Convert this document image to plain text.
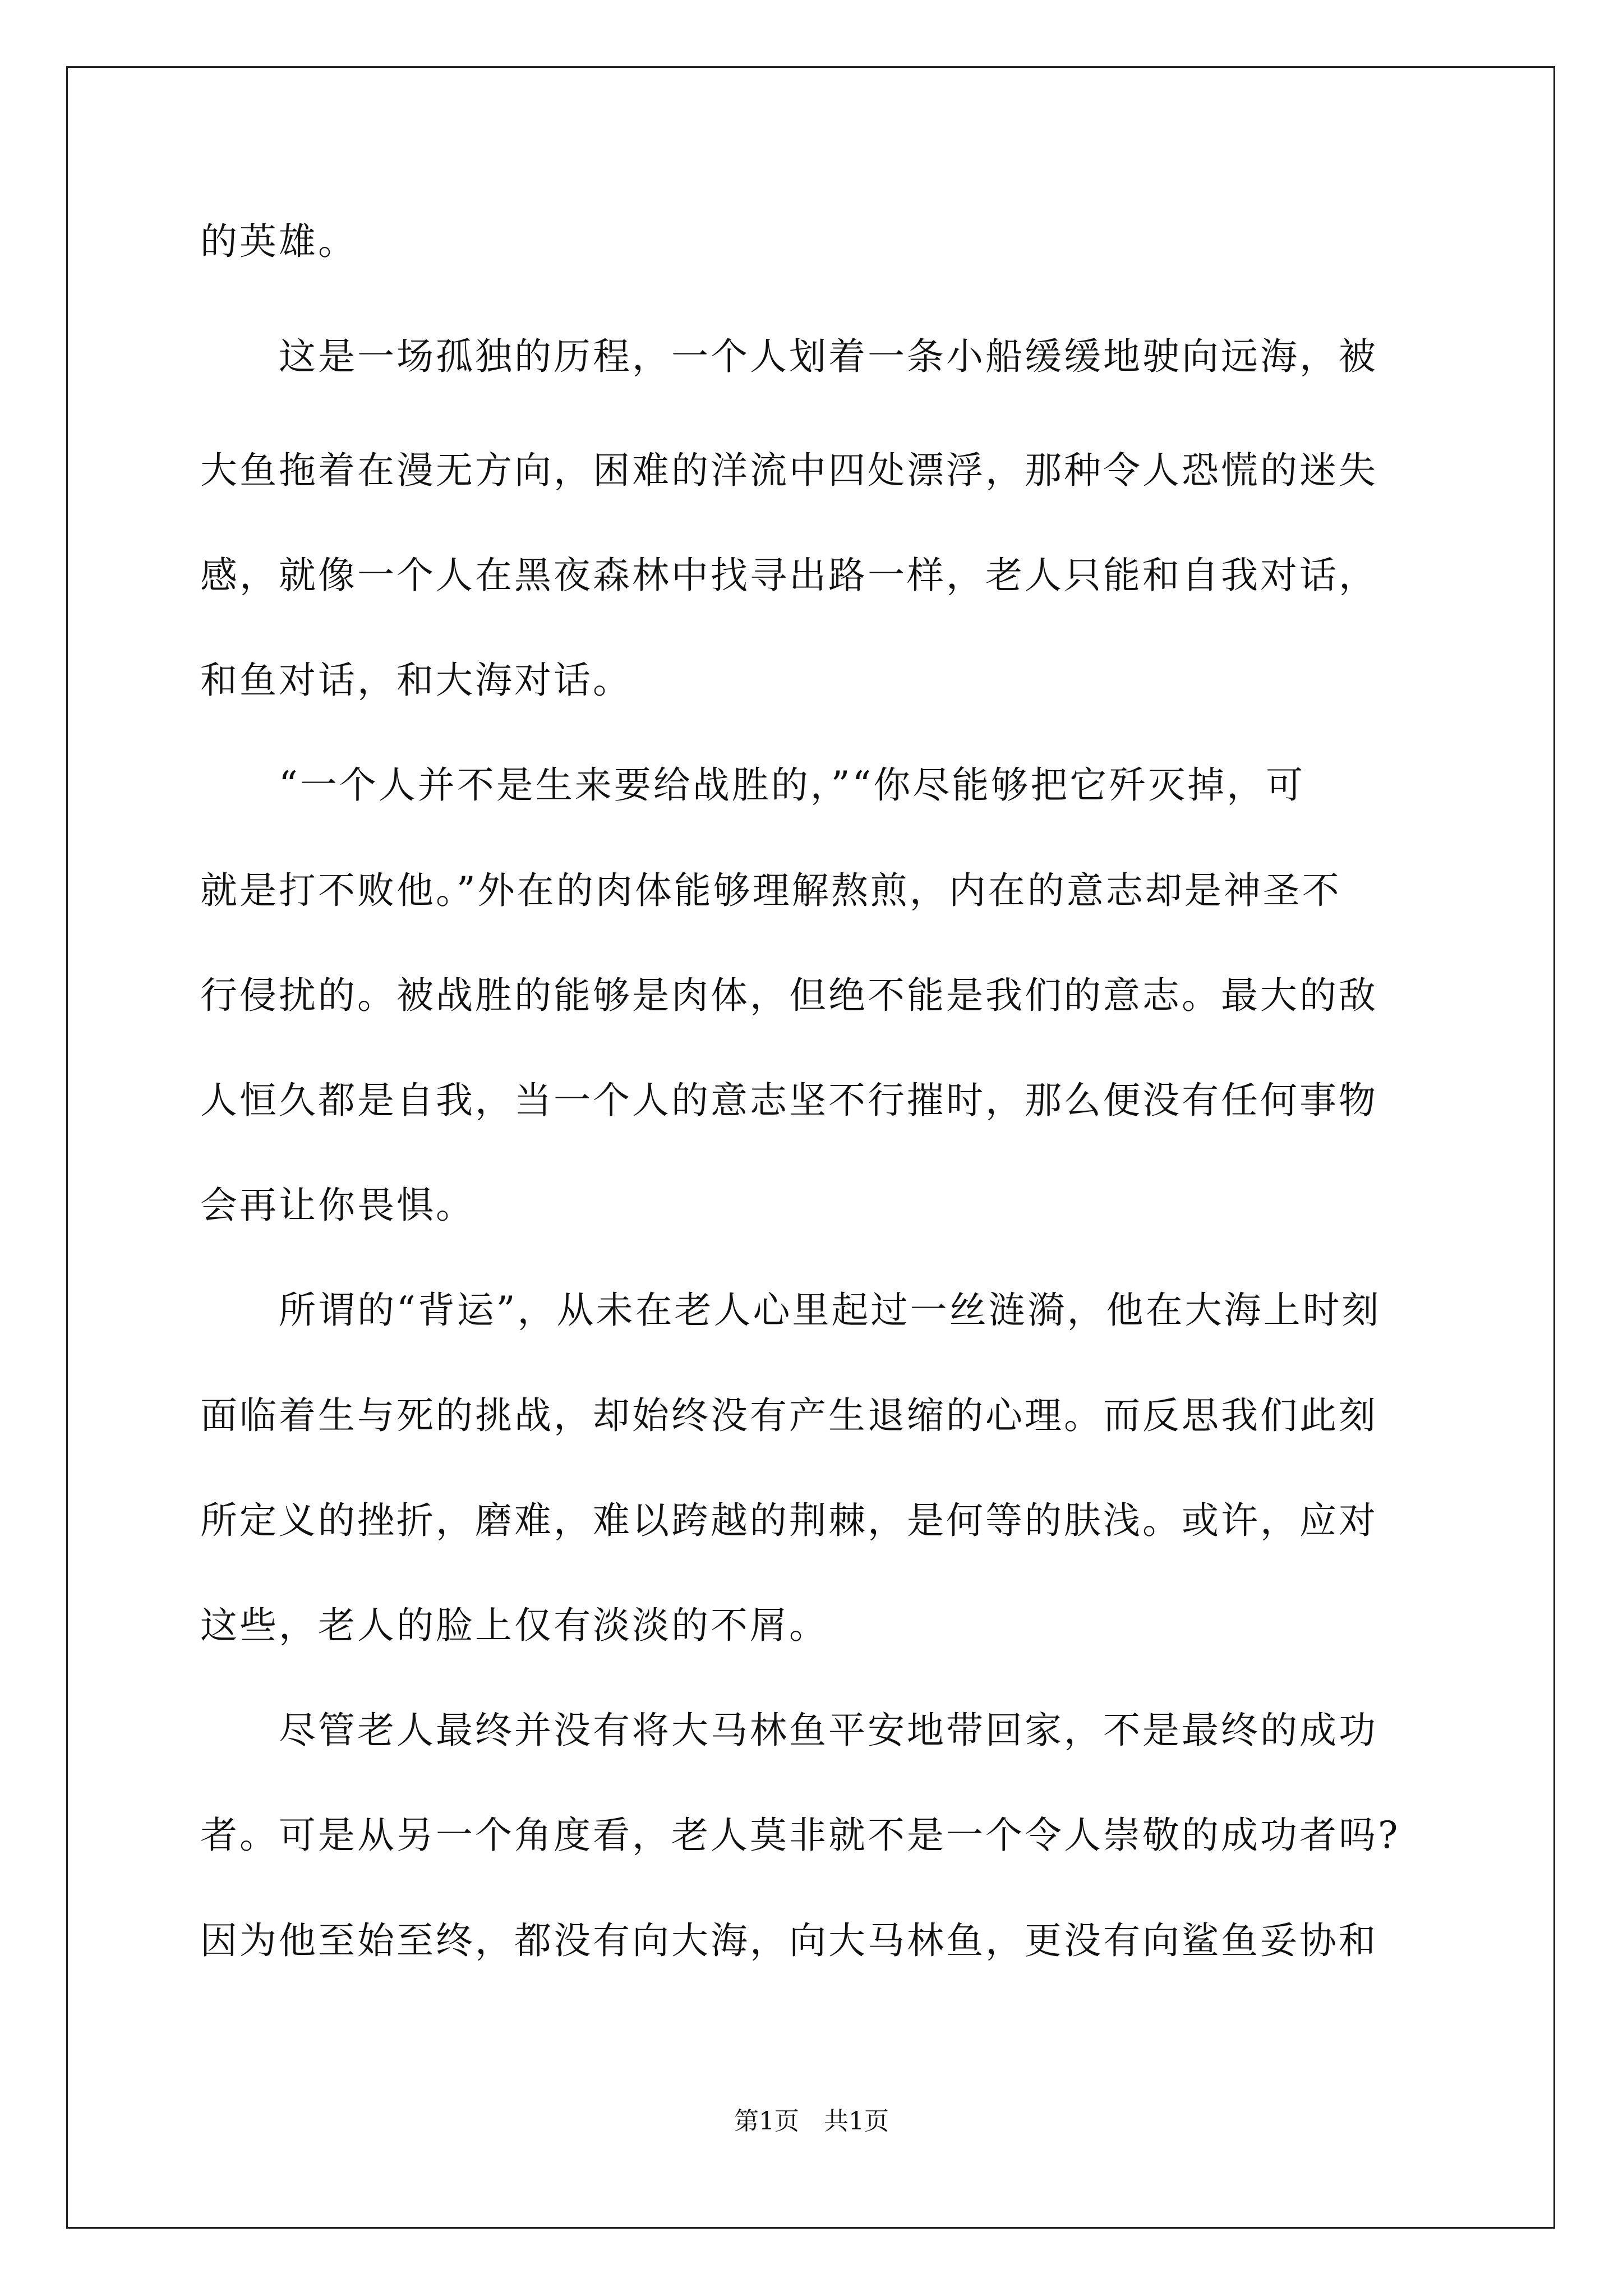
的英雄。
　　这是一场孤独的历程，一个人划着一条小船缓缓地驶向远海，被
大鱼拖着在漫无方向，困难的洋流中四处漂浮，那种令人恐慌的迷失
感，就像一个人在黑夜森林中找寻出路一样，老人只能和自我对话，
和鱼对话，和大海对话。
　　“一个人并不是生来要给战胜的，”“你尽能够把它歼灭掉，可
就是打不败他。”外在的肉体能够理解熬煎，内在的意志却是神圣不
行侵扰的。被战胜的能够是肉体，但绝不能是我们的意志。最大的敌
人恒久都是自我，当一个人的意志坚不行摧时，那么便没有任何事物
会再让你畏惧。
　　所谓的“背运”，从未在老人心里起过一丝涟漪，他在大海上时刻
面临着生与死的挑战，却始终没有产生退缩的心理。而反思我们此刻
所定义的挫折，磨难，难以跨越的荆棘，是何等的肤浅。或许，应对
这些，老人的脸上仅有淡淡的不屑。
　　尽管老人最终并没有将大马林鱼平安地带回家，不是最终的成功
者。可是从另一个角度看，老人莫非就不是一个令人崇敬的成功者吗?
因为他至始至终，都没有向大海，向大马林鱼，更没有向鲨鱼妥协和
第1页　共1页
